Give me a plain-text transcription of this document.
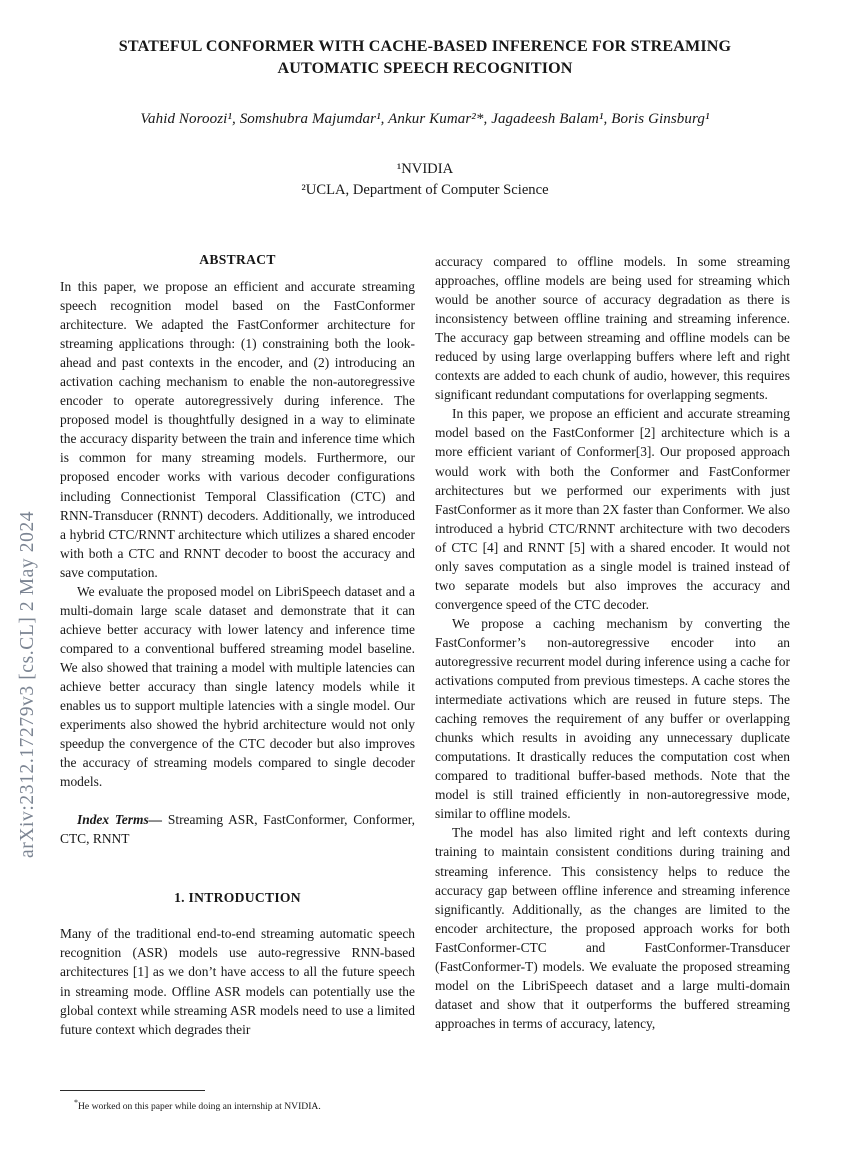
arXiv:2312.17279v3 [cs.CL] 2 May 2024
STATEFUL CONFORMER WITH CACHE-BASED INFERENCE FOR STREAMING
AUTOMATIC SPEECH RECOGNITION
Vahid Noroozi¹, Somshubra Majumdar¹, Ankur Kumar²*, Jagadeesh Balam¹, Boris Ginsburg¹
¹NVIDIA
²UCLA, Department of Computer Science
ABSTRACT

In this paper, we propose an efficient and accurate streaming speech recognition model based on the FastConformer architecture. We adapted the FastConformer architecture for streaming applications through: (1) constraining both the look-ahead and past contexts in the encoder, and (2) introducing an activation caching mechanism to enable the non-autoregressive encoder to operate autoregressively during inference. The proposed model is thoughtfully designed in a way to eliminate the accuracy disparity between the train and inference time which is common for many streaming models. Furthermore, our proposed encoder works with various decoder configurations including Connectionist Temporal Classification (CTC) and RNN-Transducer (RNNT) decoders. Additionally, we introduced a hybrid CTC/RNNT architecture which utilizes a shared encoder with both a CTC and RNNT decoder to boost the accuracy and save computation.

We evaluate the proposed model on LibriSpeech dataset and a multi-domain large scale dataset and demonstrate that it can achieve better accuracy with lower latency and inference time compared to a conventional buffered streaming model baseline. We also showed that training a model with multiple latencies can achieve better accuracy than single latency models while it enables us to support multiple latencies with a single model. Our experiments also showed the hybrid architecture would not only speedup the convergence of the CTC decoder but also improves the accuracy of streaming models compared to single decoder models.

Index Terms— Streaming ASR, FastConformer, Conformer, CTC, RNNT

1. INTRODUCTION

Many of the traditional end-to-end streaming automatic speech recognition (ASR) models use auto-regressive RNN-based architectures [1] as we don’t have access to all the future speech in streaming mode. Offline ASR models can potentially use the global context while streaming ASR models need to use a limited future context which degrades their

*He worked on this paper while doing an internship at NVIDIA.

accuracy compared to offline models. In some streaming approaches, offline models are being used for streaming which would be another source of accuracy degradation as there is inconsistency between offline training and streaming inference. The accuracy gap between streaming and offline models can be reduced by using large overlapping buffers where left and right contexts are added to each chunk of audio, however, this requires significant redundant computations for overlapping segments.

In this paper, we propose an efficient and accurate streaming model based on the FastConformer [2] architecture which is a more efficient variant of Conformer[3]. Our proposed approach would work with both the Conformer and FastConformer architectures but we performed our experiments with just FastConformer as it more than 2X faster than Conformer. We also introduced a hybrid CTC/RNNT architecture with two decoders of CTC [4] and RNNT [5] with a shared encoder. It would not only saves computation as a single model is trained instead of two separate models but also improves the accuracy and convergence speed of the CTC decoder.

We propose a caching mechanism by converting the FastConformer’s non-autoregressive encoder into an autoregressive recurrent model during inference using a cache for activations computed from previous timesteps. A cache stores the intermediate activations which are reused in future steps. The caching removes the requirement of any buffer or overlapping chunks which results in avoiding any unnecessary duplicate computations. It drastically reduces the computation cost when compared to traditional buffer-based methods. Note that the model is still trained efficiently in non-autoregressive mode, similar to offline models.

The model has also limited right and left contexts during training to maintain consistent conditions during training and streaming inference. This consistency helps to reduce the accuracy gap between offline inference and streaming inference significantly. Additionally, as the changes are limited to the encoder architecture, the proposed approach works for both FastConformer-CTC and FastConformer-Transducer (FastConformer-T) models. We evaluate the proposed streaming model on the LibriSpeech dataset and a large multi-domain dataset and show that it outperforms the buffered streaming approaches in terms of accuracy, latency,
